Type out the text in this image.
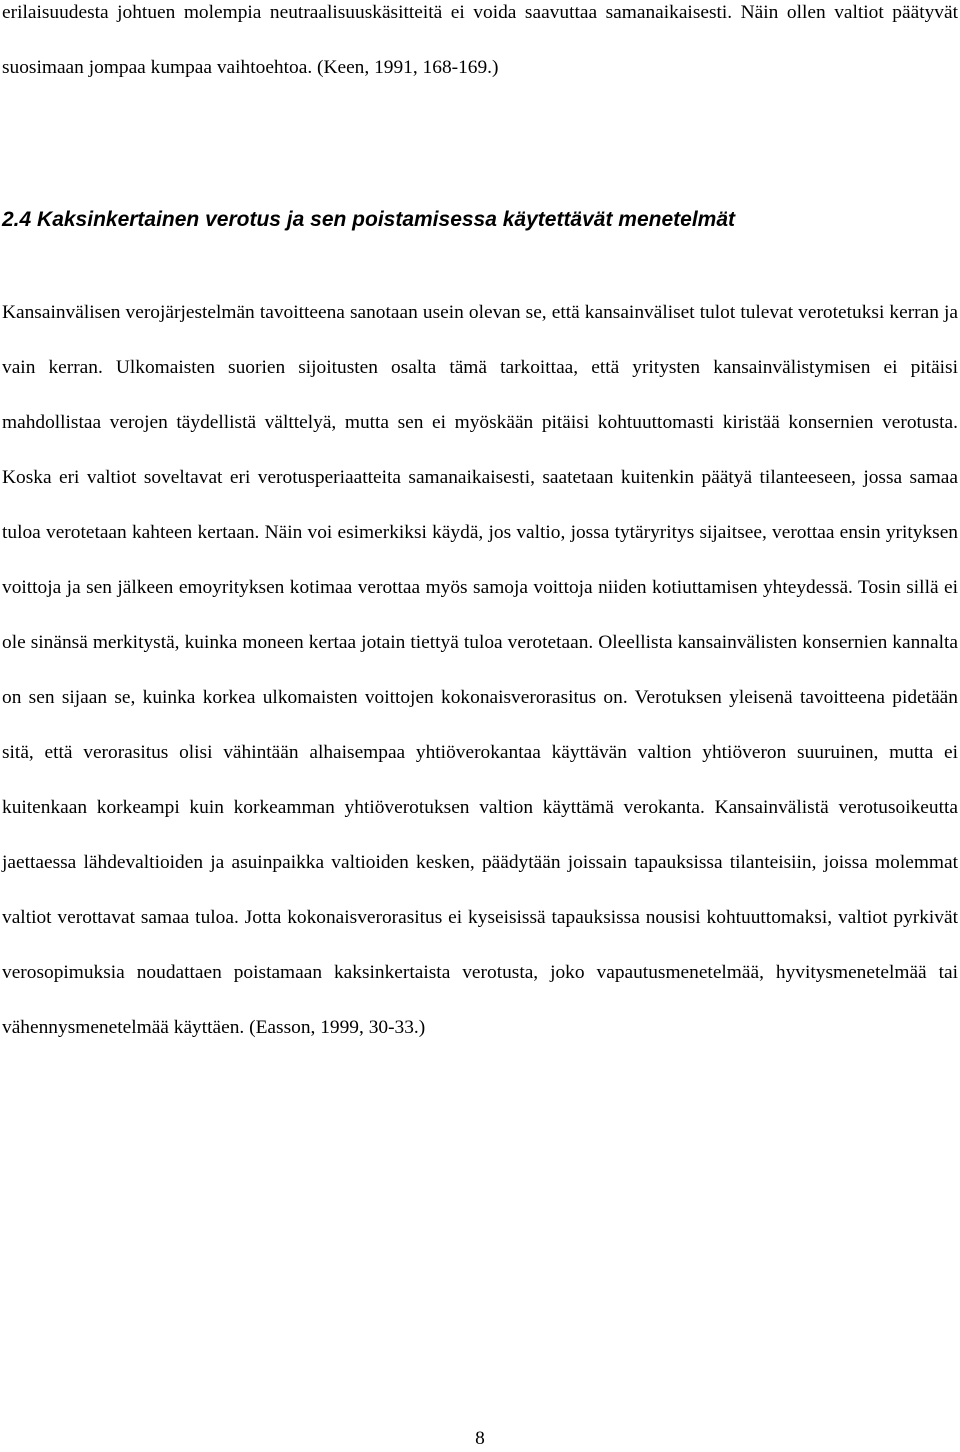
erilaisuudesta johtuen molempia neutraalisuuskäsitteitä ei voida saavuttaa samanaikaisesti. Näin ollen valtiot päätyvät suosimaan jompaa kumpaa vaihtoehtoa. (Keen, 1991, 168-169.)

2.4 Kaksinkertainen verotus ja sen poistamisessa käytettävät menetelmät

Kansainvälisen verojärjestelmän tavoitteena sanotaan usein olevan se, että kansainväliset tulot tulevat verotetuksi kerran ja vain kerran. Ulkomaisten suorien sijoitusten osalta tämä tarkoittaa, että yritysten kansainvälistymisen ei pitäisi mahdollistaa verojen täydellistä välttelyä, mutta sen ei myöskään pitäisi kohtuuttomasti kiristää konsernien verotusta. Koska eri valtiot soveltavat eri verotusperiaatteita samanaikaisesti, saatetaan kuitenkin päätyä tilanteeseen, jossa samaa tuloa verotetaan kahteen kertaan. Näin voi esimerkiksi käydä, jos valtio, jossa tytäryritys sijaitsee, verottaa ensin yrityksen voittoja ja sen jälkeen emoyrityksen kotimaa verottaa myös samoja voittoja niiden kotiuttamisen yhteydessä. Tosin sillä ei ole sinänsä merkitystä, kuinka moneen kertaa jotain tiettyä tuloa verotetaan. Oleellista kansainvälisten konsernien kannalta on sen sijaan se, kuinka korkea ulkomaisten voittojen kokonaisverorasitus on. Verotuksen yleisenä tavoitteena pidetään sitä, että verorasitus olisi vähintään alhaisempaa yhtiöverokantaa käyttävän valtion yhtiöveron suuruinen, mutta ei kuitenkaan korkeampi kuin korkeamman yhtiöverotuksen valtion käyttämä verokanta. Kansainvälistä verotusoikeutta jaettaessa lähdevaltioiden ja asuinpaikka valtioiden kesken, päädytään joissain tapauksissa tilanteisiin, joissa molemmat valtiot verottavat samaa tuloa. Jotta kokonaisverorasitus ei kyseisissä tapauksissa nousisi kohtuuttomaksi, valtiot pyrkivät verosopimuksia noudattaen poistamaan kaksinkertaista verotusta, joko vapautusmenetelmää, hyvitysmenetelmää tai vähennysmenetelmää käyttäen. (Easson, 1999, 30-33.)

8
